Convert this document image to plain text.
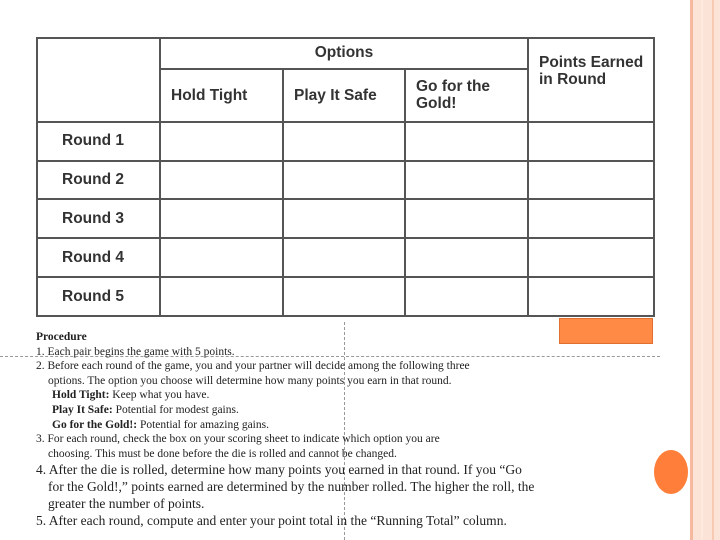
	Options			Points Earned in Round
	Hold Tight	Play It Safe	Go for the Gold!	
Round 1				
Round 2				
Round 3				
Round 4				
Round 5				
Procedure
1. Each pair begins the game with 5 points.
2. Before each round of the game, you and your partner will decide among the following three
options. The option you choose will determine how many points you earn in that round.
Hold Tight: Keep what you have.
Play It Safe: Potential for modest gains.
Go for the Gold!: Potential for amazing gains.
3. For each round, check the box on your scoring sheet to indicate which option you are
choosing. This must be done before the die is rolled and cannot be changed.
4. After the die is rolled, determine how many points you earned in that round. If you “Go
for the Gold!,” points earned are determined by the number rolled. The higher the roll, the
greater the number of points.
5. After each round, compute and enter your point total in the “Running Total” column.
